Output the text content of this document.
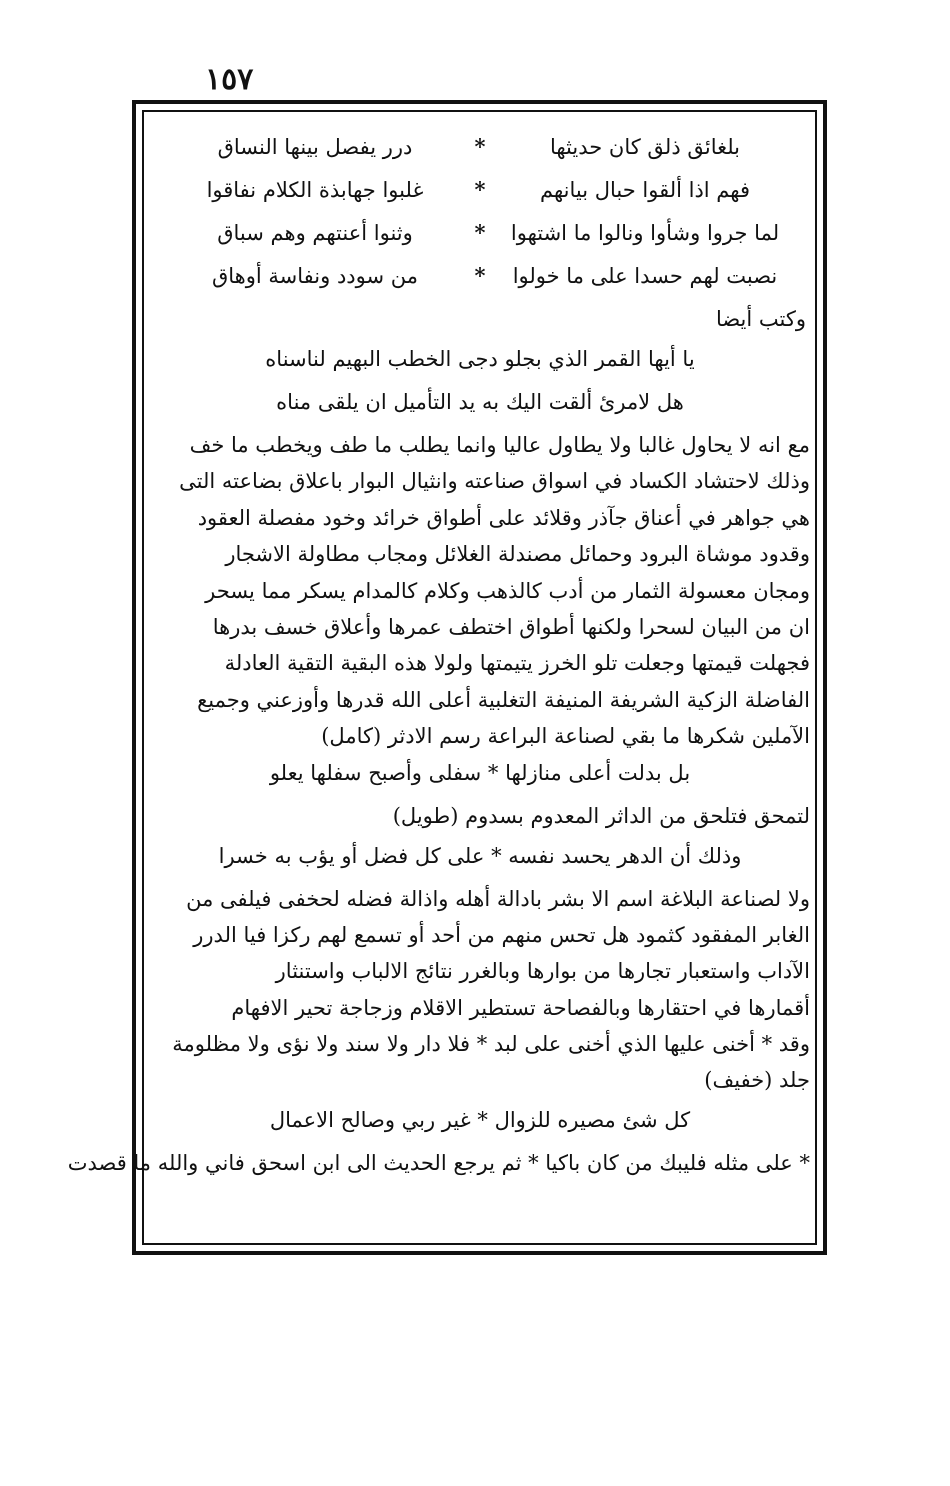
١٥٧
بلغائق ذلق كان حديثها
*
درر يفصل بينها النساق
فهم اذا ألقوا حبال بيانهم
*
غلبوا جهابذة الكلام نفاقوا
لما جروا وشأوا ونالوا ما اشتهوا
*
وثنوا أعنتهم وهم سباق
نصبت لهم حسدا على ما خولوا
*
من سودد ونفاسة أوهاق
وكتب أيضا
يا أيها القمر الذي بجلو دجى الخطب البهيم لناسناه
هل لامرئ ألقت اليك به يد التأميل ان يلقى مناه
مع انه لا يحاول غالبا ولا يطاول عاليا وانما يطلب ما طف ويخطب ما خف
وذلك لاحتشاد الكساد في اسواق صناعته وانثيال البوار باعلاق بضاعته التى
هي جواهر في أعناق جآذر وقلائد على أطواق خرائد وخود مفصلة العقود
وقدود موشاة البرود وحمائل مصندلة الغلائل ومجاب مطاولة الاشجار
ومجان معسولة الثمار من أدب كالذهب وكلام كالمدام يسكر مما يسحر
ان من البيان لسحرا ولكنها أطواق اختطف عمرها وأعلاق خسف بدرها
فجهلت قيمتها وجعلت تلو الخرز يتيمتها ولولا هذه البقية التقية العادلة
الفاضلة الزكية الشريفة المنيفة التغلبية أعلى الله قدرها وأوزعني وجميع
الآملين شكرها ما بقي لصناعة البراعة رسم الادثر (كامل)
بل بدلت أعلى منازلها * سفلى وأصبح سفلها يعلو
لتمحق فتلحق من الداثر المعدوم بسدوم (طويل)
وذلك أن الدهر يحسد نفسه * على كل فضل أو يؤب به خسرا
ولا لصناعة البلاغة اسم الا بشر بادالة أهله واذالة فضله لحخفى فيلفى من
الغابر المفقود كثمود هل تحس منهم من أحد أو تسمع لهم ركزا فيا الدرر
الآداب واستعبار تجارها من بوارها وبالغرر نتائج الالباب واستنثار
أقمارها في احتقارها وبالفصاحة تستطير الاقلام وزجاجة تحير الافهام
وقد * أخنى عليها الذي أخنى على لبد * فلا دار ولا سند ولا نؤى ولا مظلومة
جلد (خفيف)
كل شئ مصيره للزوال * غير ربي وصالح الاعمال
* على مثله فليبك من كان باكيا * ثم يرجع الحديث الى ابن اسحق فاني والله ما قصدت
